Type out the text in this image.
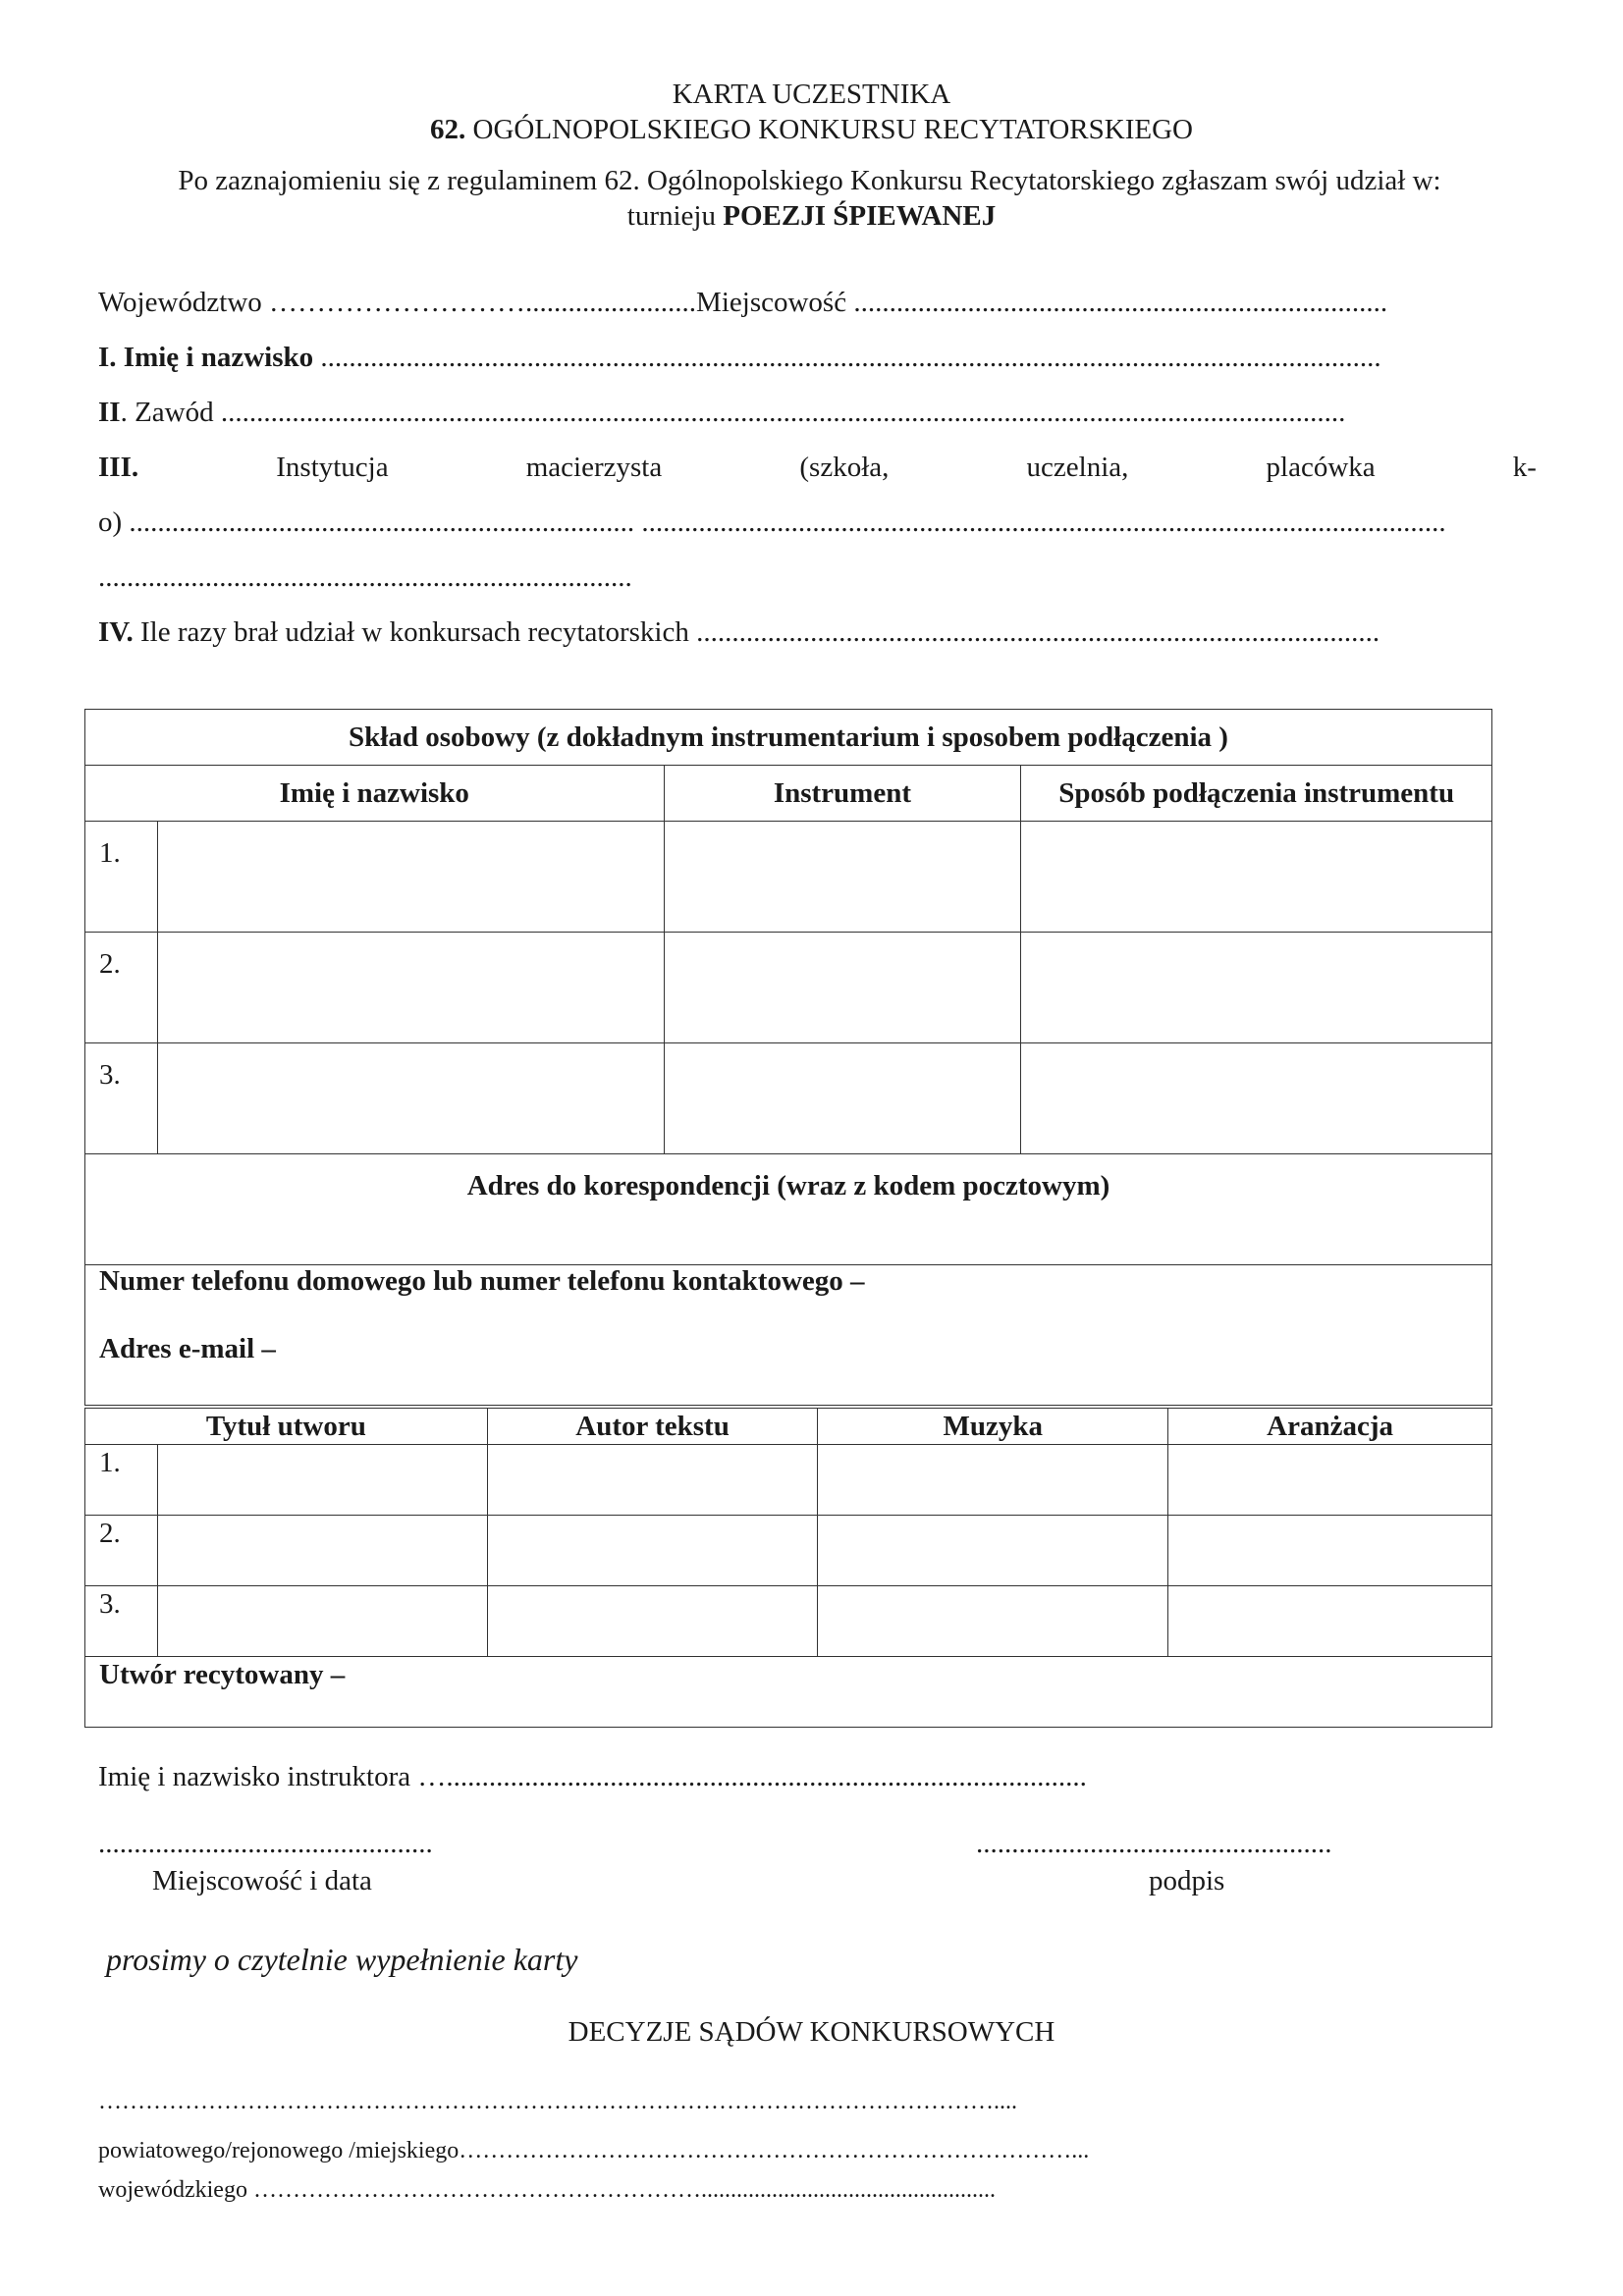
KARTA UCZESTNIKA
62. OGÓLNOPOLSKIEGO KONKURSU RECYTATORSKIEGO
Po zaznajomieniu się z regulaminem 62. Ogólnopolskiego Konkursu Recytatorskiego zgłaszam swój udział w:
turnieju POEZJI ŚPIEWANEJ
Województwo ………………………........................Miejscowość ...........................................................................
I. Imię i nazwisko .....................................................................................................................................................
II. Zawód ..............................................................................................................................................................
III.	Instytucja	macierzysta	(szkoła,	uczelnia,	placówka	k-
o) ....................................................................... .................................................................................................................
...........................................................................
IV. Ile razy brał udział w konkursach recytatorskich ................................................................................................
Skład osobowy (z dokładnym instrumentarium i sposobem podłączenia )			
Imię i nazwisko		Instrument	Sposób podłączenia instrumentu
1.			
2.			
3.			

Adres do korespondencji (wraz z kodem pocztowym)			

Numer telefonu domowego lub numer telefonu kontaktowego –
Adres e-mail –			
Tytuł utworu		Autor tekstu	Muzyka	Aranżacja
1.				
2.				
3.				

Utwór recytowany –				
Imię i nazwisko instruktora …..........................................................................................
...............................................	..................................................
Miejscowość i data	podpis
prosimy o czytelnie wypełnienie karty
DECYZJE SĄDÓW KONKURSOWYCH
……………………………………………………………………………………………………....
powiatowego/rejonowego /miejskiego……………………………………………………………………...
wojewódzkiego …………………………………………………..................................................
